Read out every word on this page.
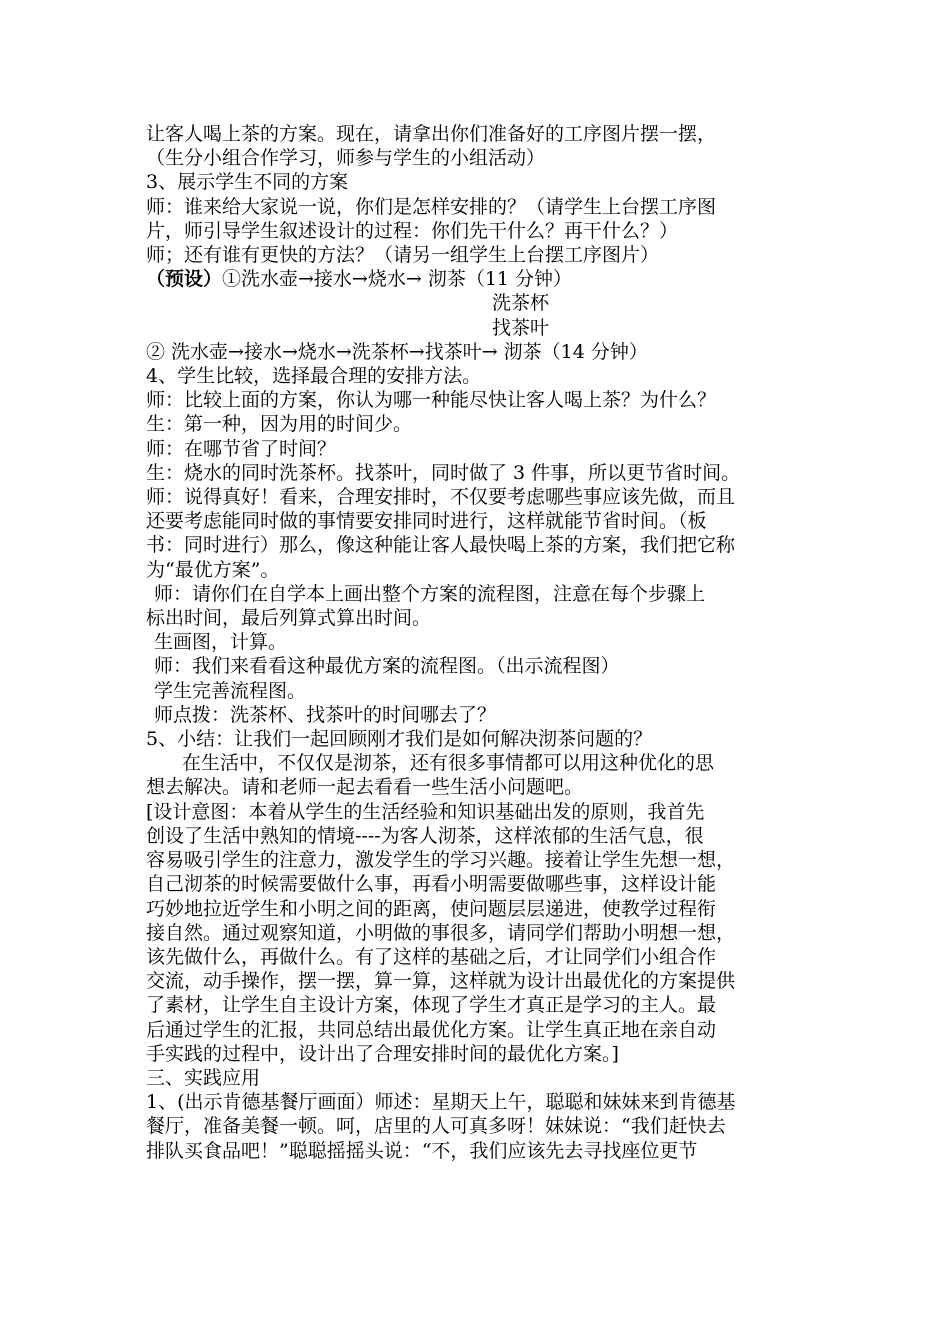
让客人喝上茶的方案。现在，请拿出你们准备好的工序图片摆一摆，

（生分小组合作学习，师参与学生的小组活动）

3、展示学生不同的方案

师：谁来给大家说一说，你们是怎样安排的？（请学生上台摆工序图

片，师引导学生叙述设计的过程：你们先干什么？再干什么？）

师；还有谁有更快的方法？（请另一组学生上台摆工序图片）

（预设）①洗水壶→接水→烧水→ 沏茶（11 分钟）

洗茶杯

找茶叶

② 洗水壶→接水→烧水→洗茶杯→找茶叶→ 沏茶（14 分钟）

4、学生比较，选择最合理的安排方法。

师：比较上面的方案，你认为哪一种能尽快让客人喝上茶？为什么？

生：第一种，因为用的时间少。

师：在哪节省了时间？

生：烧水的同时洗茶杯。找茶叶，同时做了 3 件事，所以更节省时间。

师：说得真好！看来，合理安排时，不仅要考虑哪些事应该先做，而且

还要考虑能同时做的事情要安排同时进行，这样就能节省时间。（板

书：同时进行）那么，像这种能让客人最快喝上茶的方案，我们把它称

为“最优方案”。

师：请你们在自学本上画出整个方案的流程图，注意在每个步骤上

标出时间，最后列算式算出时间。

生画图，计算。

师：我们来看看这种最优方案的流程图。（出示流程图）

学生完善流程图。

师点拨：洗茶杯、找茶叶的时间哪去了？

5、小结：让我们一起回顾刚才我们是如何解决沏茶问题的？

在生活中，不仅仅是沏茶，还有很多事情都可以用这种优化的思

想去解决。请和老师一起去看看一些生活小问题吧。

[设计意图：本着从学生的生活经验和知识基础出发的原则，我首先

创设了生活中熟知的情境----为客人沏茶，这样浓郁的生活气息，很

容易吸引学生的注意力，激发学生的学习兴趣。接着让学生先想一想，

自己沏茶的时候需要做什么事，再看小明需要做哪些事，这样设计能

巧妙地拉近学生和小明之间的距离，使问题层层递进，使教学过程衔

接自然。通过观察知道，小明做的事很多，请同学们帮助小明想一想，

该先做什么，再做什么。有了这样的基础之后，才让同学们小组合作

交流，动手操作，摆一摆，算一算，这样就为设计出最优化的方案提供

了素材，让学生自主设计方案，体现了学生才真正是学习的主人。最

后通过学生的汇报，共同总结出最优化方案。让学生真正地在亲自动

手实践的过程中，设计出了合理安排时间的最优化方案。]

三、实践应用

1、(出示肯德基餐厅画面）师述：星期天上午，聪聪和妹妹来到肯德基

餐厅，准备美餐一顿。呵，店里的人可真多呀！妹妹说：“我们赶快去

排队买食品吧！”聪聪摇摇头说：“不，我们应该先去寻找座位更节
